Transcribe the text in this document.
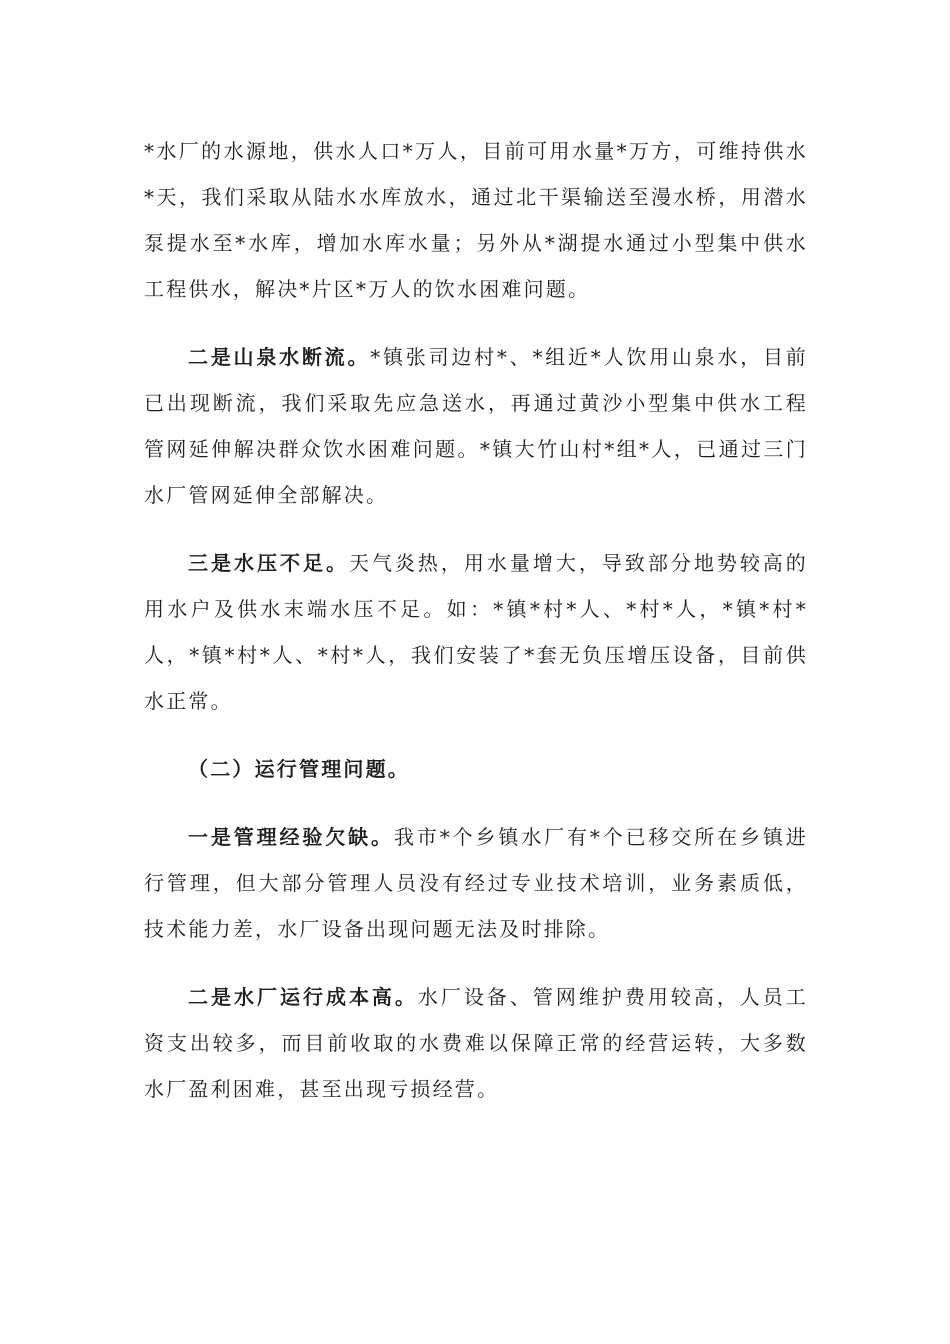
*水厂的水源地，供水人口*万人，目前可用水量*万方，可维持供水*天，我们采取从陆水水库放水，通过北干渠输送至漫水桥，用潜水泵提水至*水库，增加水库水量；另外从*湖提水通过小型集中供水工程供水，解决*片区*万人的饮水困难问题。

二是山泉水断流。*镇张司边村*、*组近*人饮用山泉水，目前已出现断流，我们采取先应急送水，再通过黄沙小型集中供水工程管网延伸解决群众饮水困难问题。*镇大竹山村*组*人，已通过三门水厂管网延伸全部解决。

三是水压不足。天气炎热，用水量增大，导致部分地势较高的用水户及供水末端水压不足。如：*镇*村*人、*村*人，*镇*村*人，*镇*村*人、*村*人，我们安装了*套无负压增压设备，目前供水正常。

（二）运行管理问题。

一是管理经验欠缺。我市*个乡镇水厂有*个已移交所在乡镇进行管理，但大部分管理人员没有经过专业技术培训，业务素质低，技术能力差，水厂设备出现问题无法及时排除。

二是水厂运行成本高。水厂设备、管网维护费用较高，人员工资支出较多，而目前收取的水费难以保障正常的经营运转，大多数水厂盈利困难，甚至出现亏损经营。
